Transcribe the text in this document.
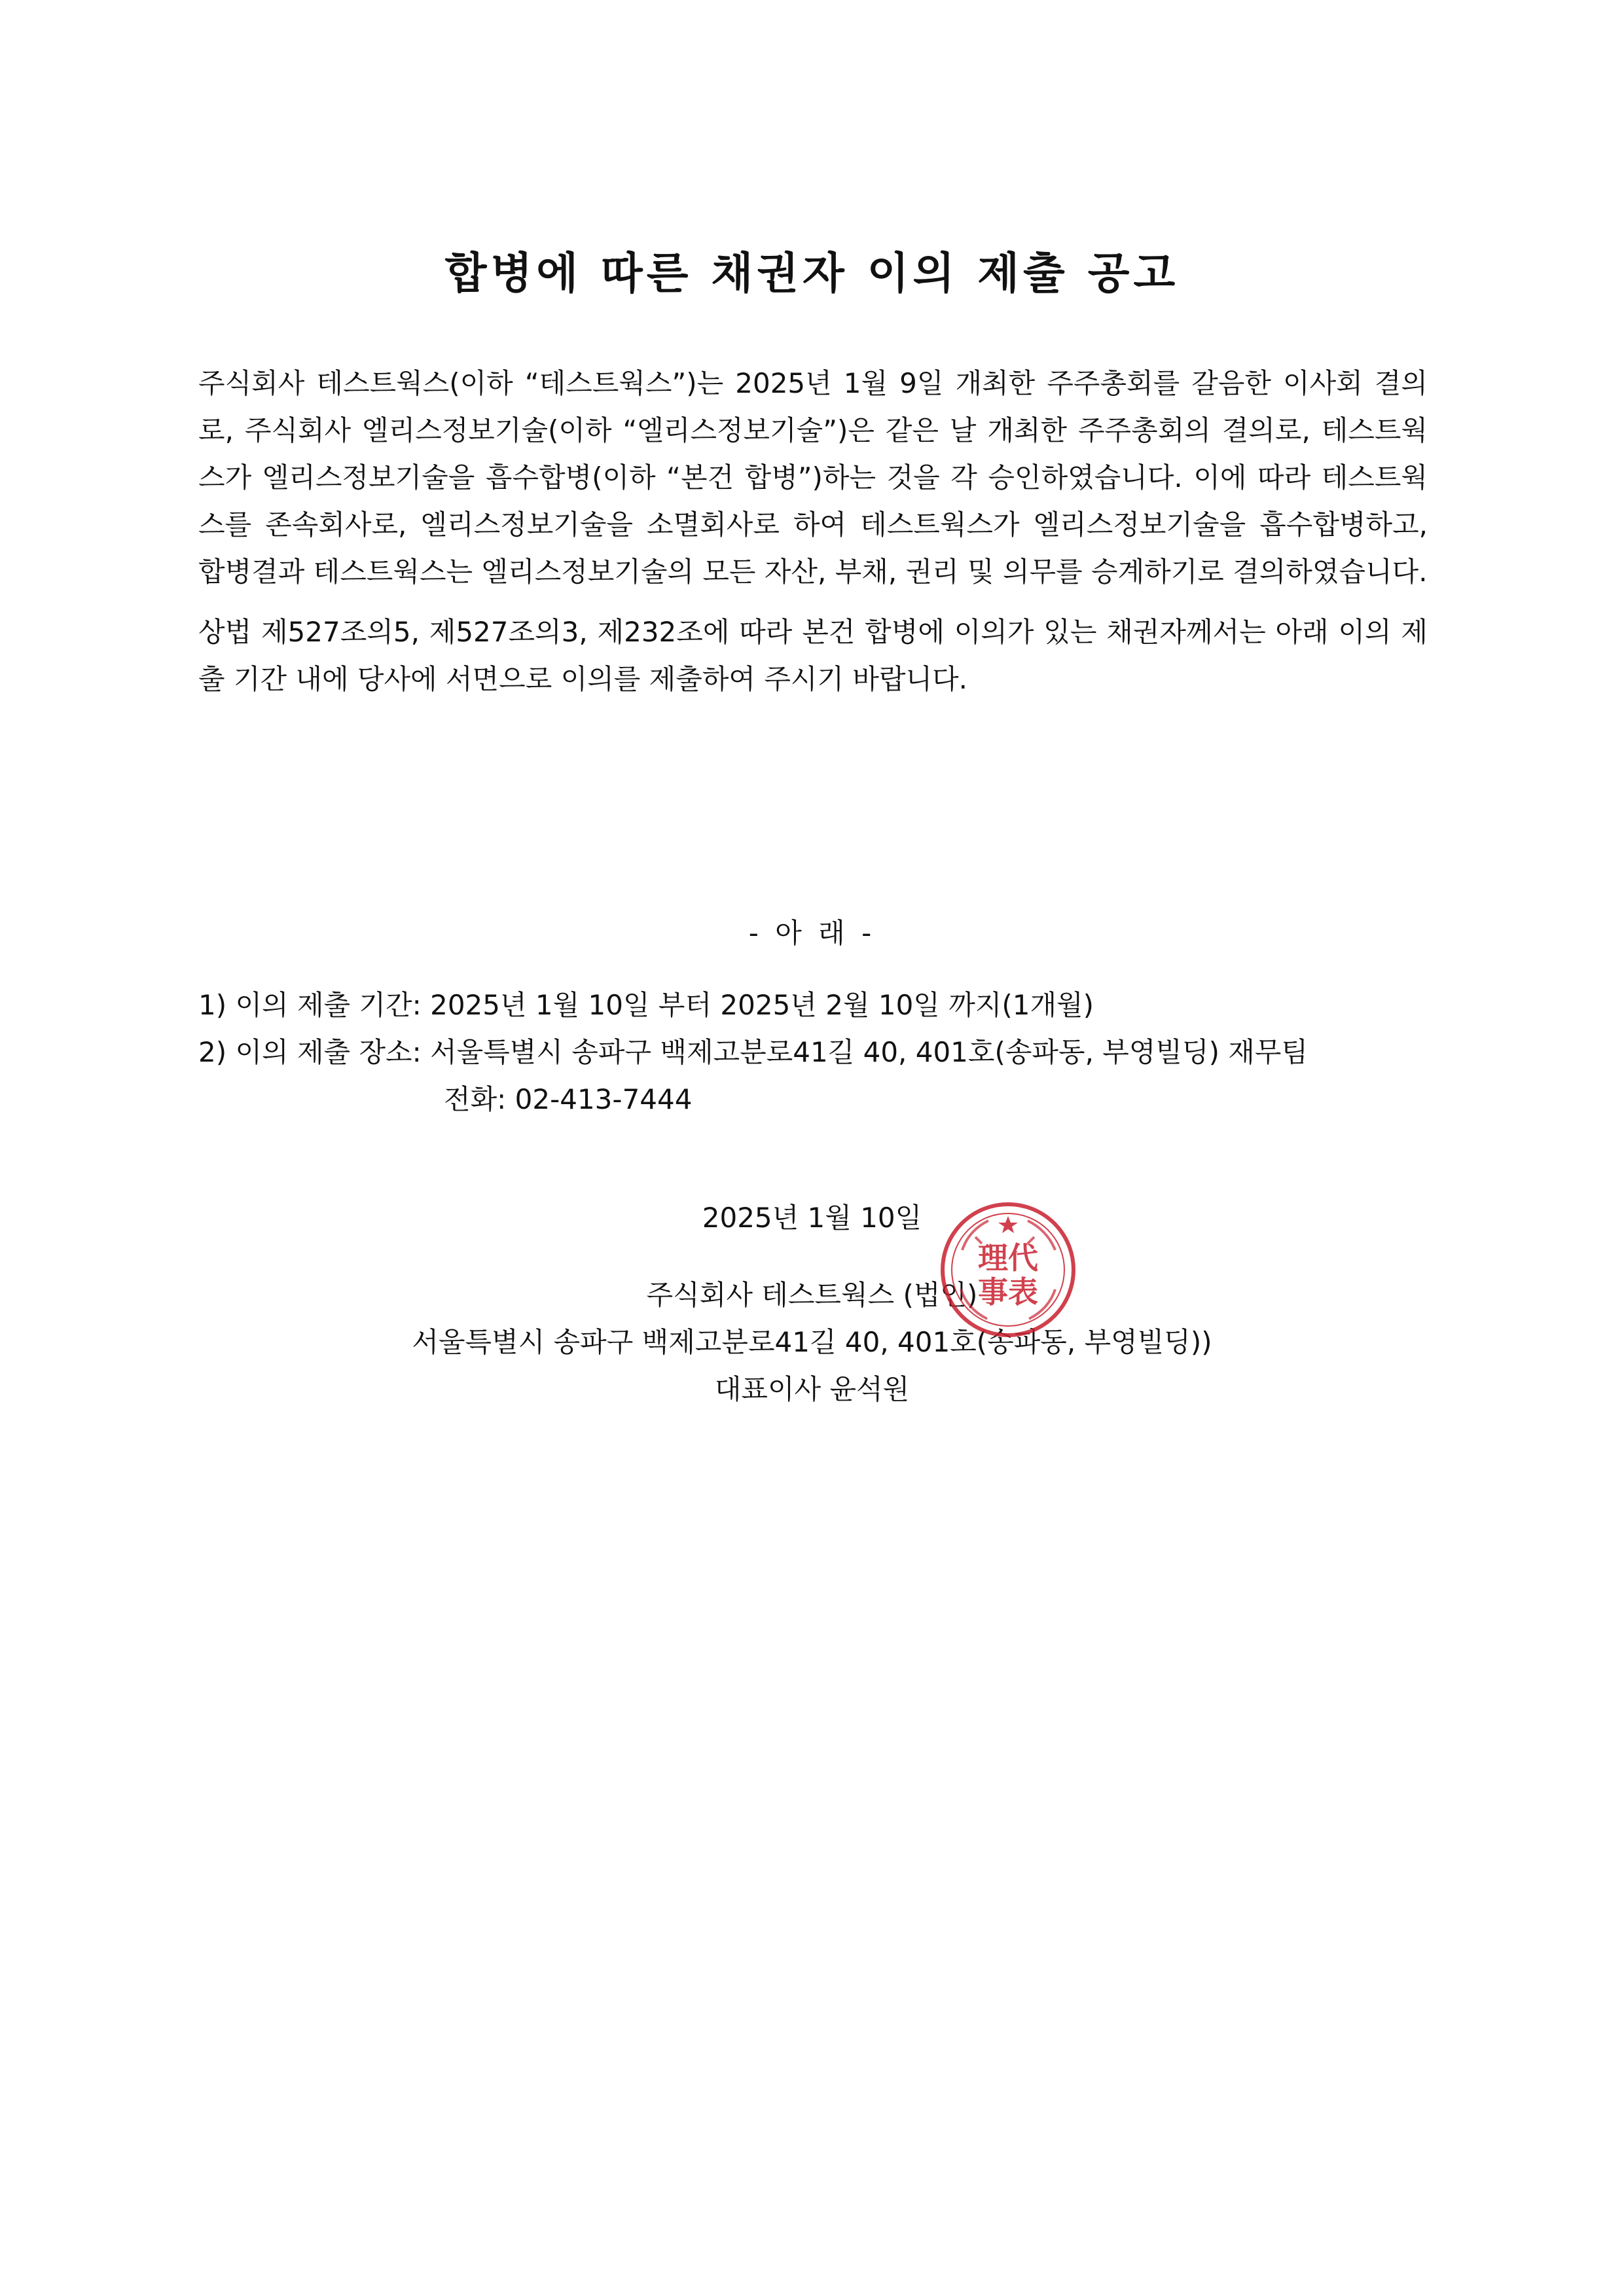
합병에 따른 채권자 이의 제출 공고

주식회사 테스트웍스(이하 “테스트웍스”)는 2025년 1월 9일 개최한 주주총회를 갈음한 이사회 결의로, 주식회사 엘리스정보기술(이하 “엘리스정보기술”)은 같은 날 개최한 주주총회의 결의로, 테스트웍스가 엘리스정보기술을 흡수합병(이하 “본건 합병”)하는 것을 각 승인하였습니다. 이에 따라 테스트웍스를 존속회사로, 엘리스정보기술을 소멸회사로 하여 테스트웍스가 엘리스정보기술을 흡수합병하고, 합병결과 테스트웍스는 엘리스정보기술의 모든 자산, 부채, 권리 및 의무를 승계하기로 결의하였습니다.

상법 제527조의5, 제527조의3, 제232조에 따라 본건 합병에 이의가 있는 채권자께서는 아래 이의 제출 기간 내에 당사에 서면으로 이의를 제출하여 주시기 바랍니다.

- 아 래 -
1) 이의 제출 기간: 2025년 1월 10일 부터 2025년 2월 10일 까지(1개월)
2) 이의 제출 장소: 서울특별시 송파구 백제고분로41길 40, 401호(송파동, 부영빌딩) 재무팀
전화: 02-413-7444
2025년 1월 10일
주식회사 테스트웍스 (법인)
서울특별시 송파구 백제고분로41길 40, 401호(송파동, 부영빌딩))
대표이사 윤석원
理代
事表
